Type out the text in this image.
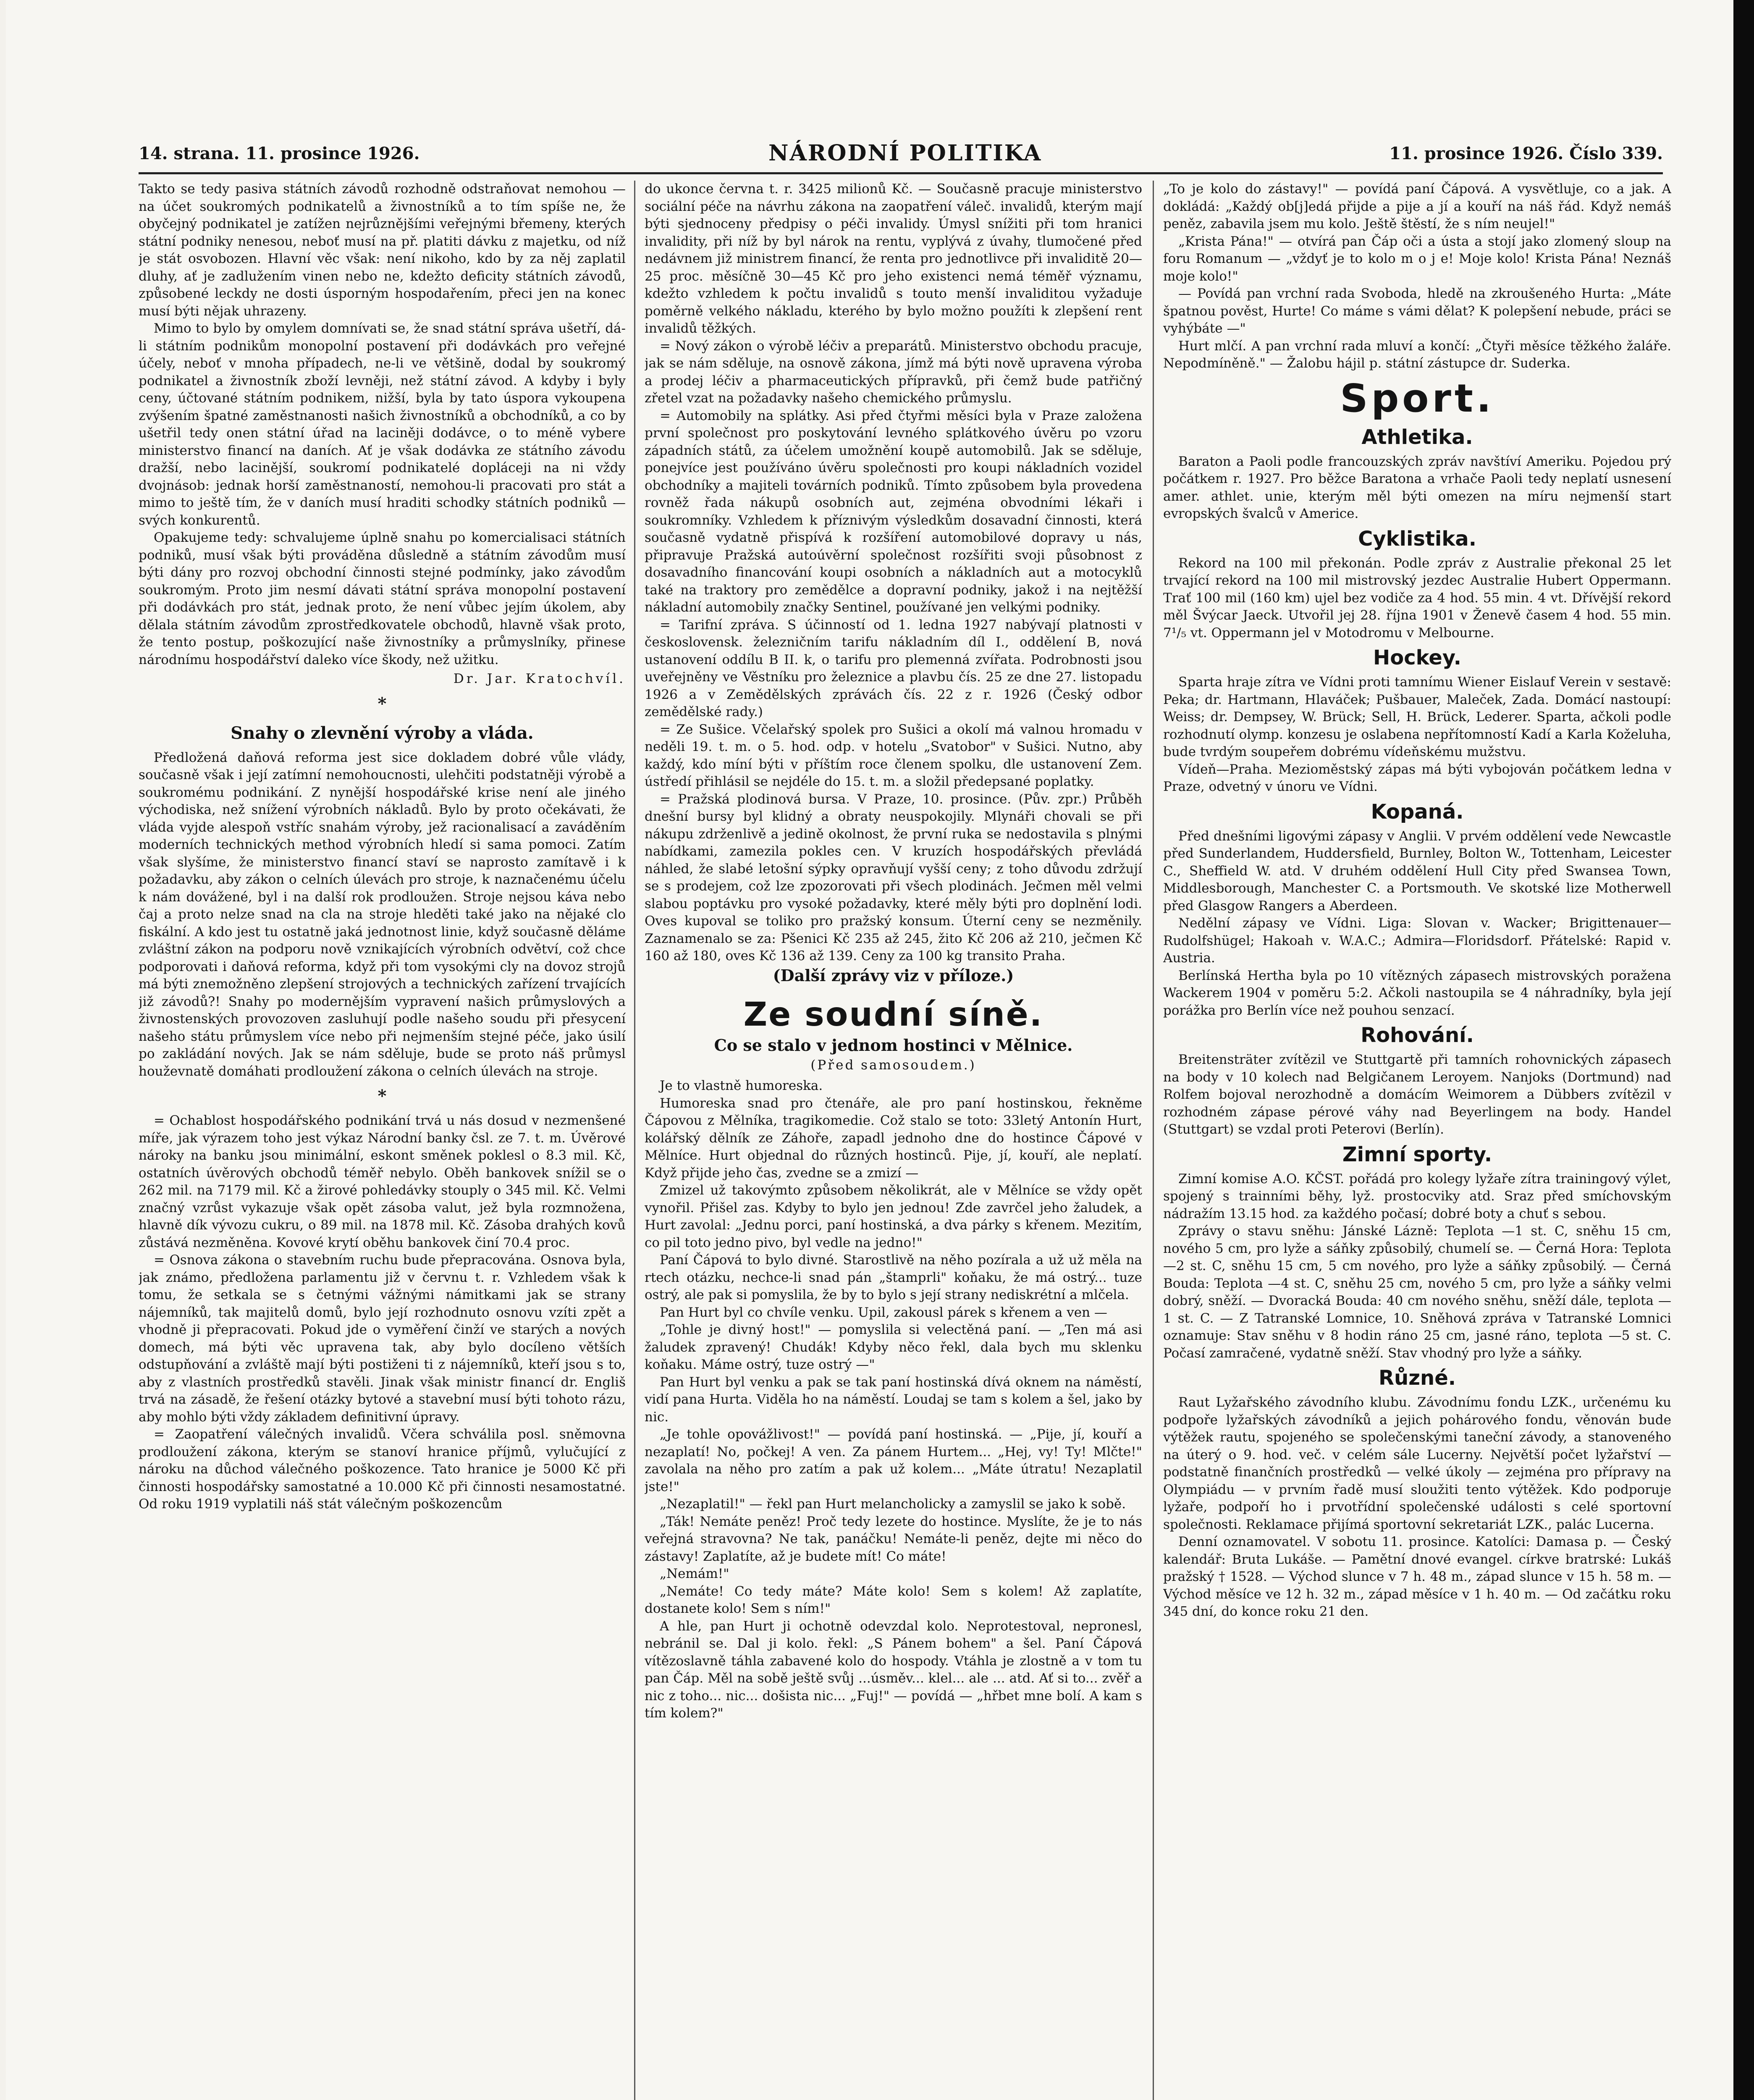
14. strana. 11. prosince 1926.	NÁRODNÍ POLITIKA	11. prosince 1926. Číslo 339.

Takto se tedy pasiva státních závodů rozhodně odstraňovat nemohou — na účet soukromých podnikatelů a živnostníků a to tím spíše ne, že obyčejný podnikatel je zatížen nejrůznějšími veřejnými břemeny, kterých státní podniky nenesou, neboť musí na př. platiti dávku z majetku, od níž je stát osvobozen. Hlavní věc však: není nikoho, kdo by za něj zaplatil dluhy, ať je zadlužením vinen nebo ne, kdežto deficity státních závodů, způsobené leckdy ne dosti úsporným hospodařením, přeci jen na konec musí býti nějak uhrazeny.

Mimo to bylo by omylem domnívati se, že snad státní správa ušetří, dá-li státním podnikům monopolní postavení při dodávkách pro veřejné účely, neboť v mnoha případech, ne-li ve většině, dodal by soukromý podnikatel a živnostník zboží levněji, než státní závod. A kdyby i byly ceny, účtované státním podnikem, nižší, byla by tato úspora vykoupena zvýšením špatné zaměstnanosti našich živnostníků a obchodníků, a co by ušetřil tedy onen státní úřad na laciněji dodávce, o to méně vybere ministerstvo financí na daních. Ať je však dodávka ze státního závodu dražší, nebo lacinější, soukromí podnikatelé dopláceji na ni vždy dvojnásob: jednak horší zaměstnaností, nemohou-li pracovati pro stát a mimo to ještě tím, že v daních musí hraditi schodky státních podniků — svých konkurentů.

Opakujeme tedy: schvalujeme úplně snahu po komercialisaci státních podniků, musí však býti prováděna důsledně a státním závodům musí býti dány pro rozvoj obchodní činnosti stejné podmínky, jako závodům soukromým. Proto jim nesmí dávati státní správa monopolní postavení při dodávkách pro stát, jednak proto, že není vůbec jejím úkolem, aby dělala státním závodům zprostředkovatele obchodů, hlavně však proto, že tento postup, poškozující naše živnostníky a průmyslníky, přinese národnímu hospodářství daleko více škody, než užitku.

Dr. Jar. Kratochvíl.
*
Snahy o zlevnění výroby a vláda.

Předložená daňová reforma jest sice dokladem dobré vůle vlády, současně však i její zatímní nemohoucnosti, ulehčiti podstatněji výrobě a soukromému podnikání. Z nynější hospodářské krise není ale jiného východiska, než snížení výrobních nákladů. Bylo by proto očekávati, že vláda vyjde alespoň vstříc snahám výroby, jež racionalisací a zaváděním moderních technických method výrobních hledí si sama pomoci. Zatím však slyšíme, že ministerstvo financí staví se naprosto zamítavě i k požadavku, aby zákon o celních úlevách pro stroje, k naznačenému účelu k nám dovážené, byl i na další rok prodloužen. Stroje nejsou káva nebo čaj a proto nelze snad na cla na stroje hleděti také jako na nějaké clo fiskální. A kdo jest tu ostatně jaká jednotnost linie, když současně děláme zvláštní zákon na podporu nově vznikajících výrobních odvětví, což chce podporovati i daňová reforma, když při tom vysokými cly na dovoz strojů má býti znemožněno zlepšení strojových a technických zařízení trvajících již závodů?! Snahy po modernějším vypravení našich průmyslových a živnostenských provozoven zasluhují podle našeho soudu při přesycení našeho státu průmyslem více nebo při nejmenším stejné péče, jako úsilí po zakládání nových. Jak se nám sděluje, bude se proto náš průmysl houževnatě domáhati prodloužení zákona o celních úlevách na stroje.

*

= Ochablost hospodářského podnikání trvá u nás dosud v nezmenšené míře, jak výrazem toho jest výkaz Národní banky čsl. ze 7. t. m. Úvěrové nároky na banku jsou minimální, eskont směnek poklesl o 8.3 mil. Kč, ostatních úvěrových obchodů téměř nebylo. Oběh bankovek snížil se o 262 mil. na 7179 mil. Kč a žirové pohledávky stouply o 345 mil. Kč. Velmi značný vzrůst vykazuje však opět zásoba valut, jež byla rozmnožena, hlavně dík vývozu cukru, o 89 mil. na 1878 mil. Kč. Zásoba drahých kovů zůstává nezměněna. Kovové krytí oběhu bankovek činí 70.4 proc.

= Osnova zákona o stavebním ruchu bude přepracována. Osnova byla, jak známo, předložena parlamentu již v červnu t. r. Vzhledem však k tomu, že setkala se s četnými vážnými námitkami jak se strany nájemníků, tak majitelů domů, bylo její rozhodnuto osnovu vzíti zpět a vhodně ji přepracovati. Pokud jde o vyměření činží ve starých a nových domech, má býti věc upravena tak, aby bylo docíleno větších odstupňování a zvláště mají býti postiženi ti z nájemníků, kteří jsou s to, aby z vlastních prostředků stavěli. Jinak však ministr financí dr. Engliš trvá na zásadě, že řešení otázky bytové a stavební musí býti tohoto rázu, aby mohlo býti vždy základem definitivní úpravy.

= Zaopatření válečných invalidů. Včera schválila posl. sněmovna prodloužení zákona, kterým se stanoví hranice příjmů, vylučující z nároku na důchod válečného poškozence. Tato hranice je 5000 Kč při činnosti hospodářsky samostatné a 10.000 Kč při činnosti nesamostatné. Od roku 1919 vyplatili náš stát válečným poškozencům

do ukonce června t. r. 3425 milionů Kč. — Současně pracuje ministerstvo sociální péče na návrhu zákona na zaopatření váleč. invalidů, kterým mají býti sjednoceny předpisy o péči invalidy. Úmysl snížiti při tom hranici invalidity, při níž by byl nárok na rentu, vyplývá z úvahy, tlumočené před nedávnem již ministrem financí, že renta pro jednotlivce při invaliditě 20—25 proc. měsíčně 30—45 Kč pro jeho existenci nemá téměř významu, kdežto vzhledem k počtu invalidů s touto menší invaliditou vyžaduje poměrně velkého nákladu, kterého by bylo možno použíti k zlepšení rent invalidů těžkých.

= Nový zákon o výrobě léčiv a preparátů. Ministerstvo obchodu pracuje, jak se nám sděluje, na osnově zákona, jímž má býti nově upravena výroba a prodej léčiv a pharmaceutických přípravků, při čemž bude patřičný zřetel vzat na požadavky našeho chemického průmyslu.

= Automobily na splátky. Asi před čtyřmi měsíci byla v Praze založena první společnost pro poskytování levného splátkového úvěru po vzoru západních států, za účelem umožnění koupě automobilů. Jak se sděluje, ponejvíce jest používáno úvěru společnosti pro koupi nákladních vozidel obchodníky a majiteli továrních podniků. Tímto způsobem byla provedena rovněž řada nákupů osobních aut, zejména obvodními lékaři i soukromníky. Vzhledem k příznivým výsledkům dosavadní činnosti, která současně vydatně přispívá k rozšíření automobilové dopravy u nás, připravuje Pražská autoúvěrní společnost rozšířiti svoji působnost z dosavadního financování koupi osobních a nákladních aut a motocyklů také na traktory pro zemědělce a dopravní podniky, jakož i na nejtěžší nákladní automobily značky Sentinel, používané jen velkými podniky.

= Tarifní zpráva. S účinností od 1. ledna 1927 nabývají platnosti v československ. železničním tarifu nákladním díl I., oddělení B, nová ustanovení oddílu B II. k, o tarifu pro plemenná zvířata. Podrobnosti jsou uveřejněny ve Věstníku pro železnice a plavbu čís. 25 ze dne 27. listopadu 1926 a v Zemědělských zprávách čís. 22 z r. 1926 (Český odbor zemědělské rady.)

= Ze Sušice. Včelařský spolek pro Sušici a okolí má valnou hromadu v neděli 19. t. m. o 5. hod. odp. v hotelu „Svatobor" v Sušici. Nutno, aby každý, kdo míní býti v příštím roce členem spolku, dle ustanovení Zem. ústředí přihlásil se nejdéle do 15. t. m. a složil předepsané poplatky.

= Pražská plodinová bursa. V Praze, 10. prosince. (Pův. zpr.) Průběh dnešní bursy byl klidný a obraty neuspokojily. Mlynáři chovali se při nákupu zdrženlivě a jedině okolnost, že první ruka se nedostavila s plnými nabídkami, zamezila pokles cen. V kruzích hospodářských převládá náhled, že slabé letošní sýpky opravňují vyšší ceny; z toho důvodu zdržují se s prodejem, což lze zpozorovati při všech plodinách. Ječmen měl velmi slabou poptávku pro vysoké požadavky, které měly býti pro doplnění lodi. Oves kupoval se toliko pro pražský konsum. Úterní ceny se nezměnily. Zaznamenalo se za: Pšenici Kč 235 až 245, žito Kč 206 až 210, ječmen Kč 160 až 180, oves Kč 136 až 139. Ceny za 100 kg transito Praha.

(Další zprávy viz v příloze.)
Ze soudní síně.
Co se stalo v jednom hostinci v Mělnice.
(Před samosoudem.)

Je to vlastně humoreska.

Humoreska snad pro čtenáře, ale pro paní hostinskou, řekněme Čápovou z Mělníka, tragikomedie. Což stalo se toto: 33letý Antonín Hurt, kolářský dělník ze Záhoře, zapadl jednoho dne do hostince Čápové v Mělníce. Hurt objednal do různých hostinců. Pije, jí, kouří, ale neplatí. Když přijde jeho čas, zvedne se a zmizí —

Zmizel už takovýmto způsobem několikrát, ale v Mělníce se vždy opět vynořil. Přišel zas. Kdyby to bylo jen jednou! Zde zavrčel jeho žaludek, a Hurt zavolal: „Jednu porci, paní hostinská, a dva párky s křenem. Mezitím, co pil toto jedno pivo, byl vedle na jedno!"

Paní Čápová to bylo divné. Starostlivě na něho pozírala a už už měla na rtech otázku, nechce-li snad pán „štamprli" koňaku, že má ostrý... tuze ostrý, ale pak si pomyslila, že by to bylo s její strany nediskrétní a mlčela.

Pan Hurt byl co chvíle venku. Upil, zakousl párek s křenem a ven —

„Tohle je divný host!" — pomyslila si velectěná paní. — „Ten má asi žaludek zpravený! Chudák! Kdyby něco řekl, dala bych mu sklenku koňaku. Máme ostrý, tuze ostrý —"

Pan Hurt byl venku a pak se tak paní hostinská dívá oknem na náměstí, vidí pana Hurta. Viděla ho na náměstí. Loudaj se tam s kolem a šel, jako by nic.

„Je tohle opovážlivost!" — povídá paní hostinská. — „Pije, jí, kouří a nezaplatí! No, počkej! A ven. Za pánem Hurtem... „Hej, vy! Ty! Mlčte!" zavolala na něho pro zatím a pak už kolem... „Máte útratu! Nezaplatil jste!"

„Nezaplatil!" — řekl pan Hurt melancholicky a zamyslil se jako k sobě.

„Ták! Nemáte peněz! Proč tedy lezete do hostince. Myslíte, že je to nás veřejná stravovna? Ne tak, panáčku! Nemáte-li peněz, dejte mi něco do zástavy! Zaplatíte, až je budete mít! Co máte!

„Nemám!"

„Nemáte! Co tedy máte? Máte kolo! Sem s kolem! Až zaplatíte, dostanete kolo! Sem s ním!"

A hle, pan Hurt ji ochotně odevzdal kolo. Neprotestoval, nepronesl, nebránil se. Dal ji kolo. řekl: „S Pánem bohem" a šel. Paní Čápová vítězoslavně táhla zabavené kolo do hospody. Vtáhla je zlostně a v tom tu pan Čáp. Měl na sobě ještě svůj ...úsměv... klel... ale ... atd. Ať si to... zvěř a nic z toho... nic... došista nic... „Fuj!" — povídá — „hřbet mne bolí. A kam s tím kolem?"

„To je kolo do zástavy!" — povídá paní Čápová. A vysvětluje, co a jak. A dokládá: „Každý ob[j]edá přijde a pije a jí a kouří na náš řád. Když nemáš peněz, zabavila jsem mu kolo. Ještě štěstí, že s ním neujel!"

„Krista Pána!" — otvírá pan Čáp oči a ústa a stojí jako zlomený sloup na foru Romanum — „vždyť je to kolo m o j e! Moje kolo! Krista Pána! Neznáš moje kolo!"

— Povídá pan vrchní rada Svoboda, hledě na zkroušeného Hurta: „Máte špatnou pověst, Hurte! Co máme s vámi dělat? K polepšení nebude, práci se vyhýbáte —"

Hurt mlčí. A pan vrchní rada mluví a končí: „Čtyři měsíce těžkého žaláře. Nepodmíněně." — Žalobu hájil p. státní zástupce dr. Suderka.

Sport.
Athletika.

Baraton a Paoli podle francouzských zpráv navštíví Ameriku. Pojedou prý počátkem r. 1927. Pro běžce Baratona a vrhače Paoli tedy neplatí usnesení amer. athlet. unie, kterým měl býti omezen na míru nejmenší start evropských švalců v Americe.

Cyklistika.

Rekord na 100 mil překonán. Podle zpráv z Australie překonal 25 let trvající rekord na 100 mil mistrovský jezdec Australie Hubert Oppermann. Trať 100 mil (160 km) ujel bez vodiče za 4 hod. 55 min. 4 vt. Dřívější rekord měl Švýcar Jaeck. Utvořil jej 28. října 1901 v Ženevě časem 4 hod. 55 min. 7¹/₅ vt. Oppermann jel v Motodromu v Melbourne.

Hockey.

Sparta hraje zítra ve Vídni proti tamnímu Wiener Eislauf Verein v sestavě: Peka; dr. Hartmann, Hlaváček; Pušbauer, Maleček, Zada. Domácí nastoupí: Weiss; dr. Dempsey, W. Brück; Sell, H. Brück, Lederer. Sparta, ačkoli podle rozhodnutí olymp. konzesu je oslabena nepřítomností Kadí a Karla Koželuha, bude tvrdým soupeřem dobrému vídeňskému mužstvu.

Vídeň—Praha. Mezioměstský zápas má býti vybojován počátkem ledna v Praze, odvetný v únoru ve Vídni.

Kopaná.

Před dnešními ligovými zápasy v Anglii. V prvém oddělení vede Newcastle před Sunderlandem, Huddersfield, Burnley, Bolton W., Tottenham, Leicester C., Sheffield W. atd. V druhém oddělení Hull City před Swansea Town, Middlesborough, Manchester C. a Portsmouth. Ve skotské lize Motherwell před Glasgow Rangers a Aberdeen.

Nedělní zápasy ve Vídni. Liga: Slovan v. Wacker; Brigittenauer—Rudolfshügel; Hakoah v. W.A.C.; Admira—Floridsdorf. Přátelské: Rapid v. Austria.

Berlínská Hertha byla po 10 vítězných zápasech mistrovských poražena Wackerem 1904 v poměru 5:2. Ačkoli nastoupila se 4 náhradníky, byla její porážka pro Berlín více než pouhou senzací.

Rohování.

Breitensträter zvítězil ve Stuttgartě při tamních rohovnických zápasech na body v 10 kolech nad Belgičanem Leroyem. Nanjoks (Dortmund) nad Rolfem bojoval nerozhodně a domácím Weimorem a Dübbers zvítězil v rozhodném zápase pérové váhy nad Beyerlingem na body. Handel (Stuttgart) se vzdal proti Peterovi (Berlín).

Zimní sporty.

Zimní komise A.O. KČST. pořádá pro kolegy lyžaře zítra trainingový výlet, spojený s trainními běhy, lyž. prostocviky atd. Sraz před smíchovským nádražím 13.15 hod. za každého počasí; dobré boty a chuť s sebou.

Zprávy o stavu sněhu: Jánské Lázně: Teplota —1 st. C, sněhu 15 cm, nového 5 cm, pro lyže a sáňky způsobilý, chumelí se. — Černá Hora: Teplota —2 st. C, sněhu 15 cm, 5 cm nového, pro lyže a sáňky způsobilý. — Černá Bouda: Teplota —4 st. C, sněhu 25 cm, nového 5 cm, pro lyže a sáňky velmi dobrý, sněží. — Dvoracká Bouda: 40 cm nového sněhu, sněží dále, teplota —1 st. C. — Z Tatranské Lomnice, 10. Sněhová zpráva v Tatranské Lomnici oznamuje: Stav sněhu v 8 hodin ráno 25 cm, jasné ráno, teplota —5 st. C. Počasí zamračené, vydatně sněží. Stav vhodný pro lyže a sáňky.

Různé.

Raut Lyžařského závodního klubu. Závodnímu fondu LZK., určenému ku podpoře lyžařských závodníků a jejich pohárového fondu, věnován bude výtěžek rautu, spojeného se společenskými taneční závody, a stanoveného na úterý o 9. hod. več. v celém sále Lucerny. Největší počet lyžařství — podstatně finančních prostředků — velké úkoly — zejména pro přípravy na Olympiádu — v prvním řadě musí sloužiti tento výtěžek. Kdo podporuje lyžaře, podpoří ho i prvotřídní společenské události s celé sportovní společnosti. Reklamace přijímá sportovní sekretariát LZK., palác Lucerna.

Denní oznamovatel. V sobotu 11. prosince. Katolíci: Damasa p. — Český kalendář: Bruta Lukáše. — Pamětní dnové evangel. církve bratrské: Lukáš pražský † 1528. — Východ slunce v 7 h. 48 m., západ slunce v 15 h. 58 m. — Východ měsíce ve 12 h. 32 m., západ měsíce v 1 h. 40 m. — Od začátku roku 345 dní, do konce roku 21 den.
